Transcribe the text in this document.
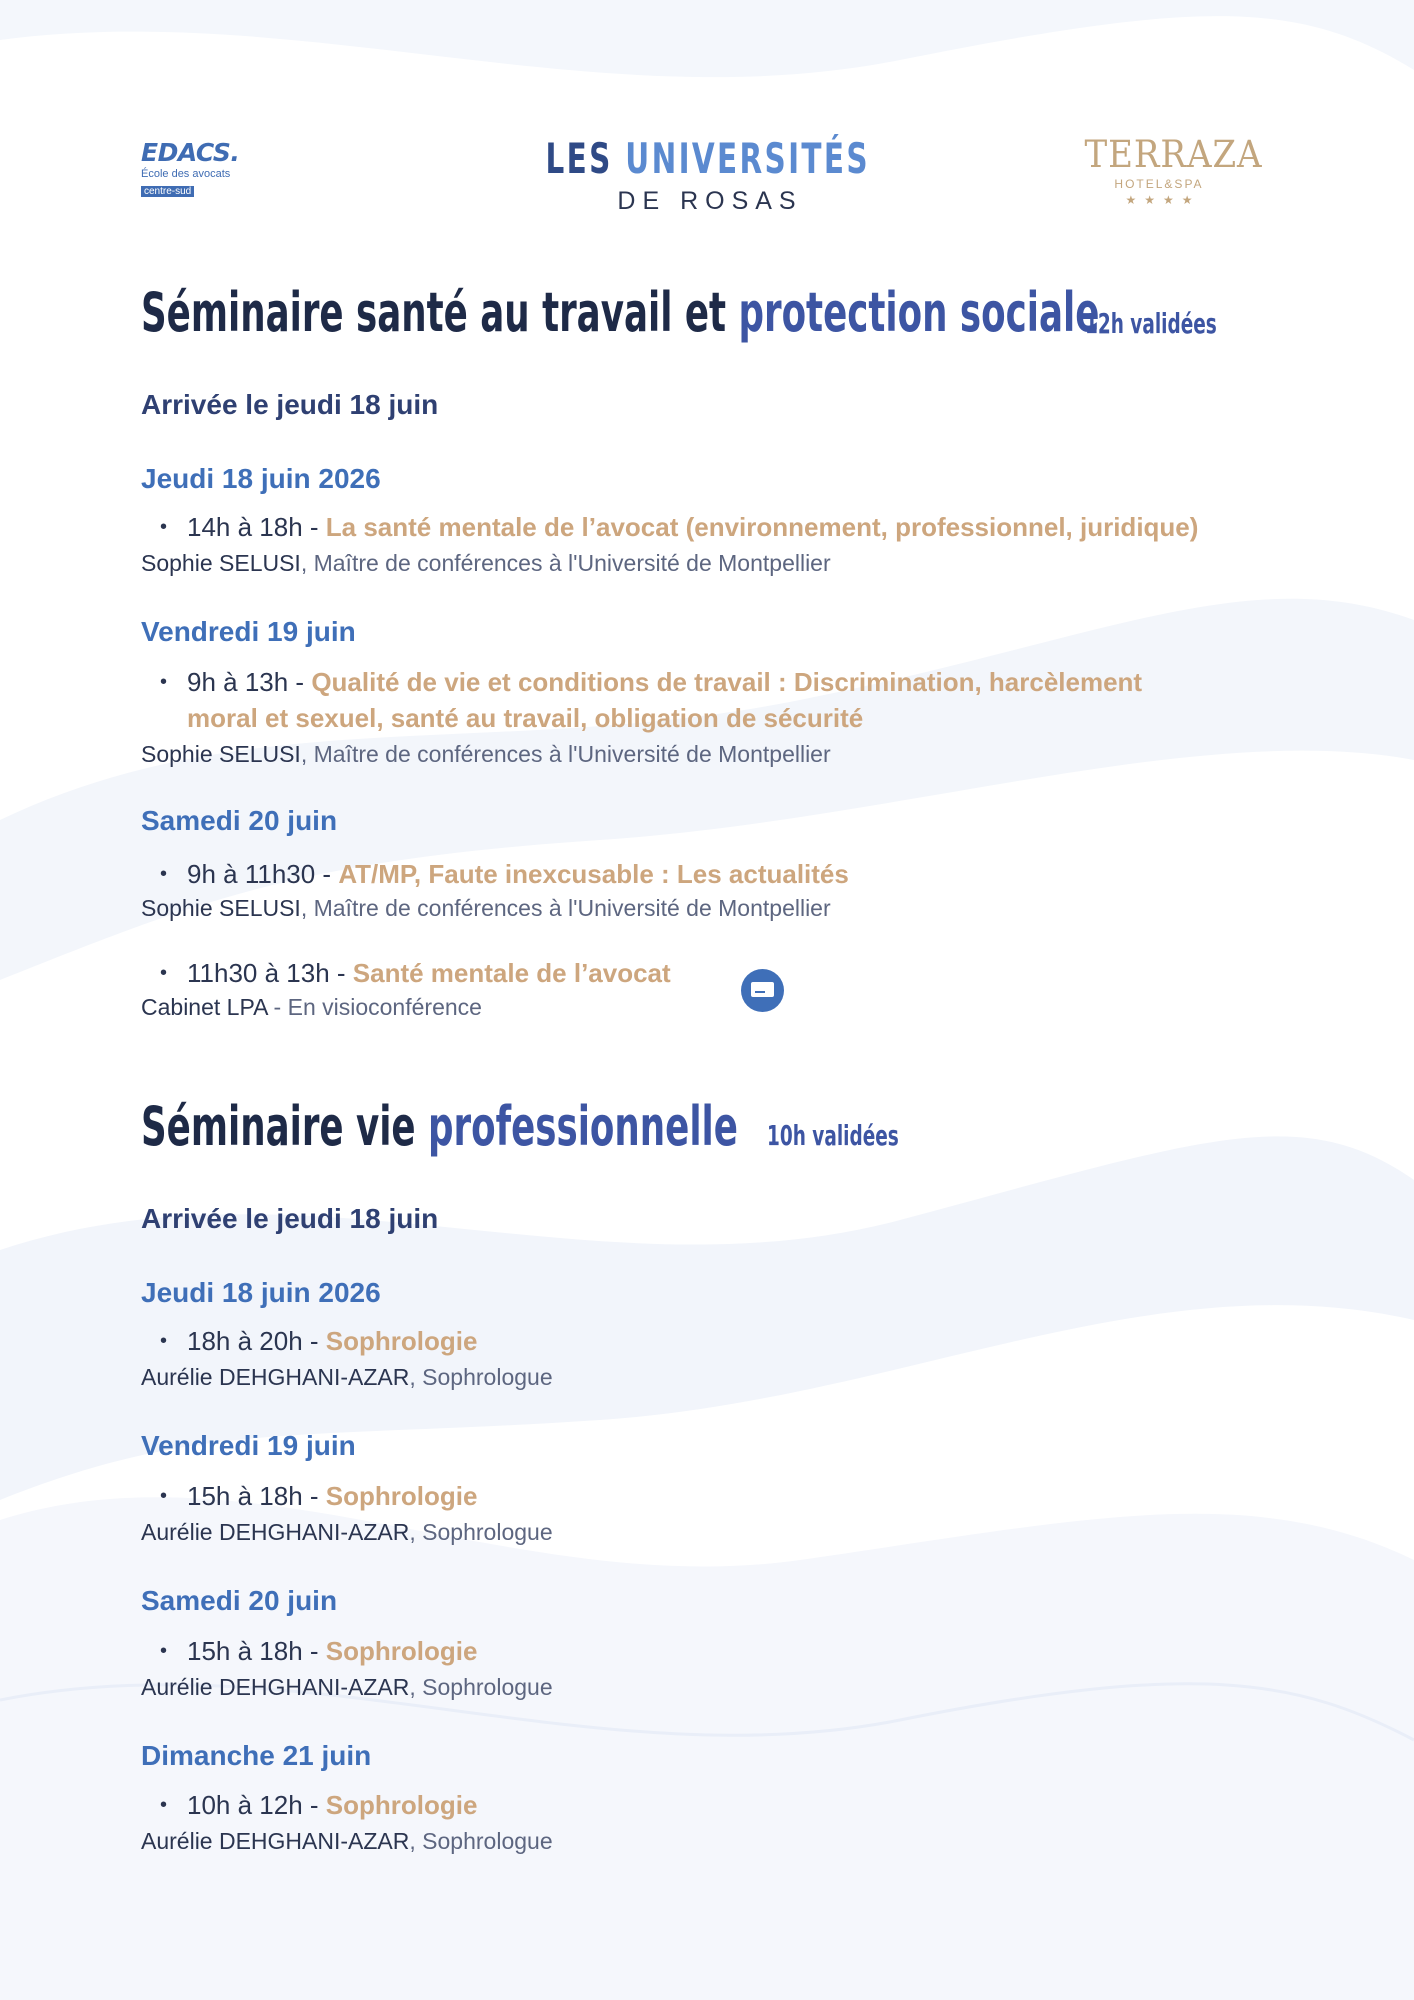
EDACS.
École des avocats
centre-sud
LES UNIVERSITÉS
DE ROSAS
TERRAZA
HOTEL&SPA
★★★★
Séminaire santé au travail et protection sociale
12h validées
Arrivée le jeudi 18 juin
Jeudi 18 juin 2026
• 14h à 18h - La santé mentale de l’avocat (environnement, professionnel, juridique)
Sophie SELUSI, Maître de conférences à l'Université de Montpellier
Vendredi 19 juin
• 9h à 13h - Qualité de vie et conditions de travail : Discrimination, harcèlement moral et sexuel, santé au travail, obligation de sécurité
Sophie SELUSI, Maître de conférences à l'Université de Montpellier
Samedi 20 juin
• 9h à 11h30 - AT/MP, Faute inexcusable : Les actualités
Sophie SELUSI, Maître de conférences à l'Université de Montpellier
• 11h30 à 13h - Santé mentale de l’avocat
Cabinet LPA - En visioconférence
Séminaire vie professionnelle 10h validées
Arrivée le jeudi 18 juin
Jeudi 18 juin 2026
• 18h à 20h - Sophrologie
Aurélie DEHGHANI-AZAR, Sophrologue
Vendredi 19 juin
• 15h à 18h - Sophrologie
Aurélie DEHGHANI-AZAR, Sophrologue
Samedi 20 juin
• 15h à 18h - Sophrologie
Aurélie DEHGHANI-AZAR, Sophrologue
Dimanche 21 juin
• 10h à 12h - Sophrologie
Aurélie DEHGHANI-AZAR, Sophrologue
